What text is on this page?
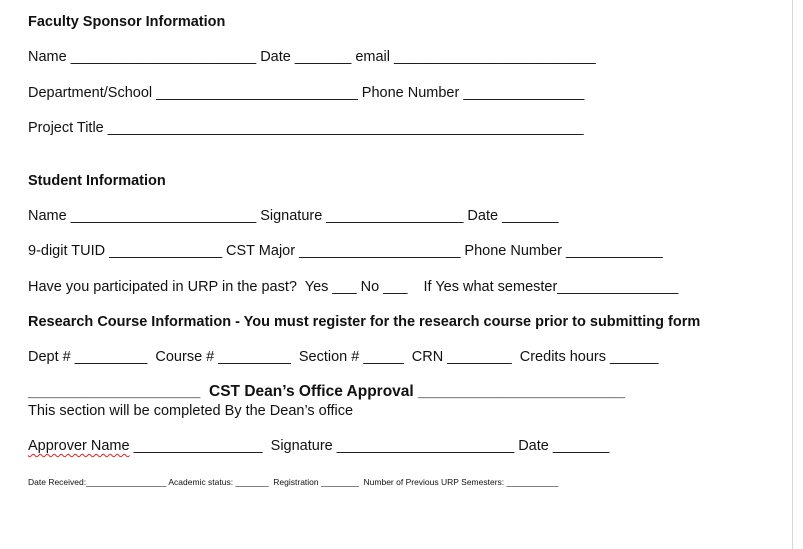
Faculty Sponsor Information
Name _______________________ Date _______ email _________________________
Department/School _________________________ Phone Number _______________
Project Title ___________________________________________________________
Student Information
Name _______________________ Signature _________________ Date _______
9-digit TUID ______________ CST Major ____________________ Phone Number ____________
Have you participated in URP in the past?  Yes ___ No ___    If Yes what semester_______________
Research Course Information - You must register for the research course prior to submitting form
Dept # _________  Course # _________  Section # _____  CRN ________  Credits hours ______
____________________  CST Dean’s Office Approval ________________________
This section will be completed By the Dean’s office
Approver Name ________________  Signature ______________________ Date _______
Date Received:_________________ Academic status: _______  Registration ________  Number of Previous URP Semesters: ___________
